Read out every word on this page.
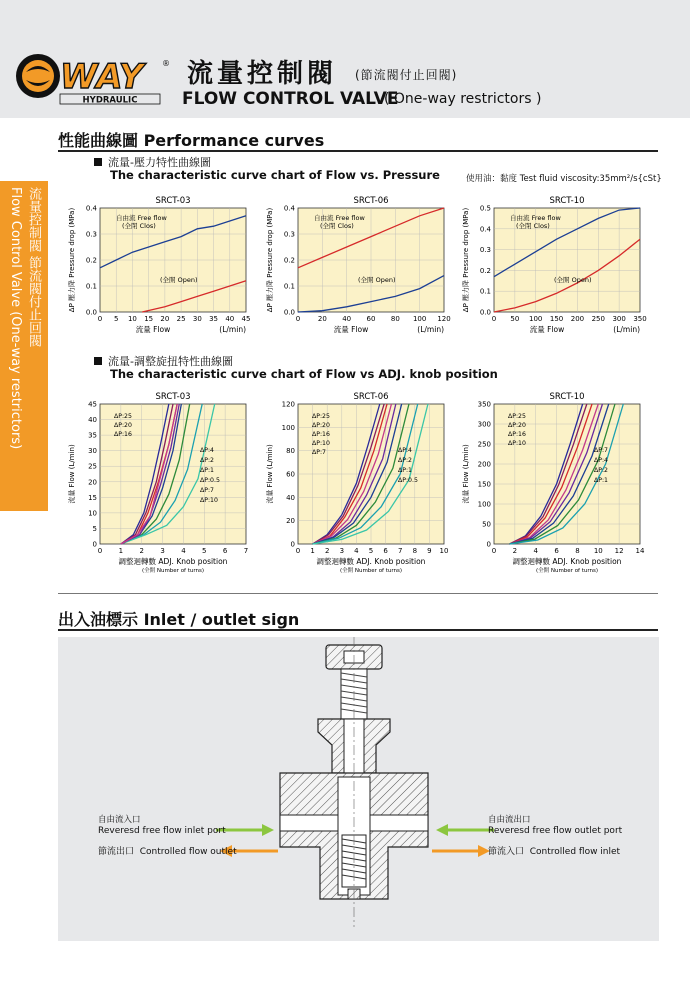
WAY	®
HYDRAULIC
流量控制閥 (節流閥付止回閥)
FLOW CONTROL VALVE
( One-way restrictors )
性能曲線圖 Performance curves
流量控制閥 節流閥付止回閥
Flow Control Valve (One-way restrictors)
流量-壓力特性曲線圖
The characteristic curve chart of Flow vs. Pressure	使用油：黏度 Test fluid viscosity:35mm²/s{cSt}
SRCT-03
0 5 10 15 20 25 30 35 40 45
0.0
0.1
0.2
0.3
0.4
自由流 Free flow
(全閉 Clos)
(全開 Open)
流量 Flow	(L/min)
ΔP 壓力降 Pressure drop (MPa)
SRCT-06
0	20 40 60 80 100 120
0.0
0.1
0.2
0.3
0.4
自由流 Free flow
(全閉 Clos)
(全開 Open)
流量 Flow	(L/min)
ΔP 壓力降 Pressure drop (MPa)
SRCT-10
0 50 100 150 200 250 300 350
0.0
0.1
0.2
0.3
0.4
0.5
自由流 Free flow
(全閉 Clos)
(全開 Open)
流量 Flow	(L/min)
ΔP 壓力降 Pressure drop (MPa)
流量-調整旋扭特性曲線圖
The characteristic curve chart of Flow vs ADJ. knob position
SRCT-03
0 1 2 3 4 5 6 7
0
5
10
15
20
25
30
35
40
45
ΔP:25
ΔP:20
ΔP:16
ΔP:4
ΔP:2
ΔP:1
ΔP:0.5
ΔP:7
ΔP:10
調整迴轉數 ADJ. Knob position
(全開 Number of turns)
流量 Flow (L/min)
SRCT-06
0 1 2 3 4 5 6 7 8 9 10
0
20
40
60
80
100
120
ΔP:25
ΔP:20
ΔP:16
ΔP:10
ΔP:7	ΔP:4
ΔP:2
ΔP:1
ΔP:0.5
調整迴轉數 ADJ. Knob position
(全開 Number of turns)
流量 Flow (L/min)
SRCT-10
0 2 4 6 8 10 12 14
0
50
100
150
200
250
300
350
ΔP:25
ΔP:20
ΔP:16
ΔP:10
ΔP:7
ΔP:4
ΔP:2
ΔP:1
調整迴轉數 ADJ. Knob position
(全開 Number of turns)
流量 Flow (L/min)
出入油標示 Inlet / outlet sign
自由流入口
Reveresd free flow inlet port
節流出口 Controlled flow outlet
自由流出口
Reveresd free flow outlet port
節流入口 Controlled flow inlet
